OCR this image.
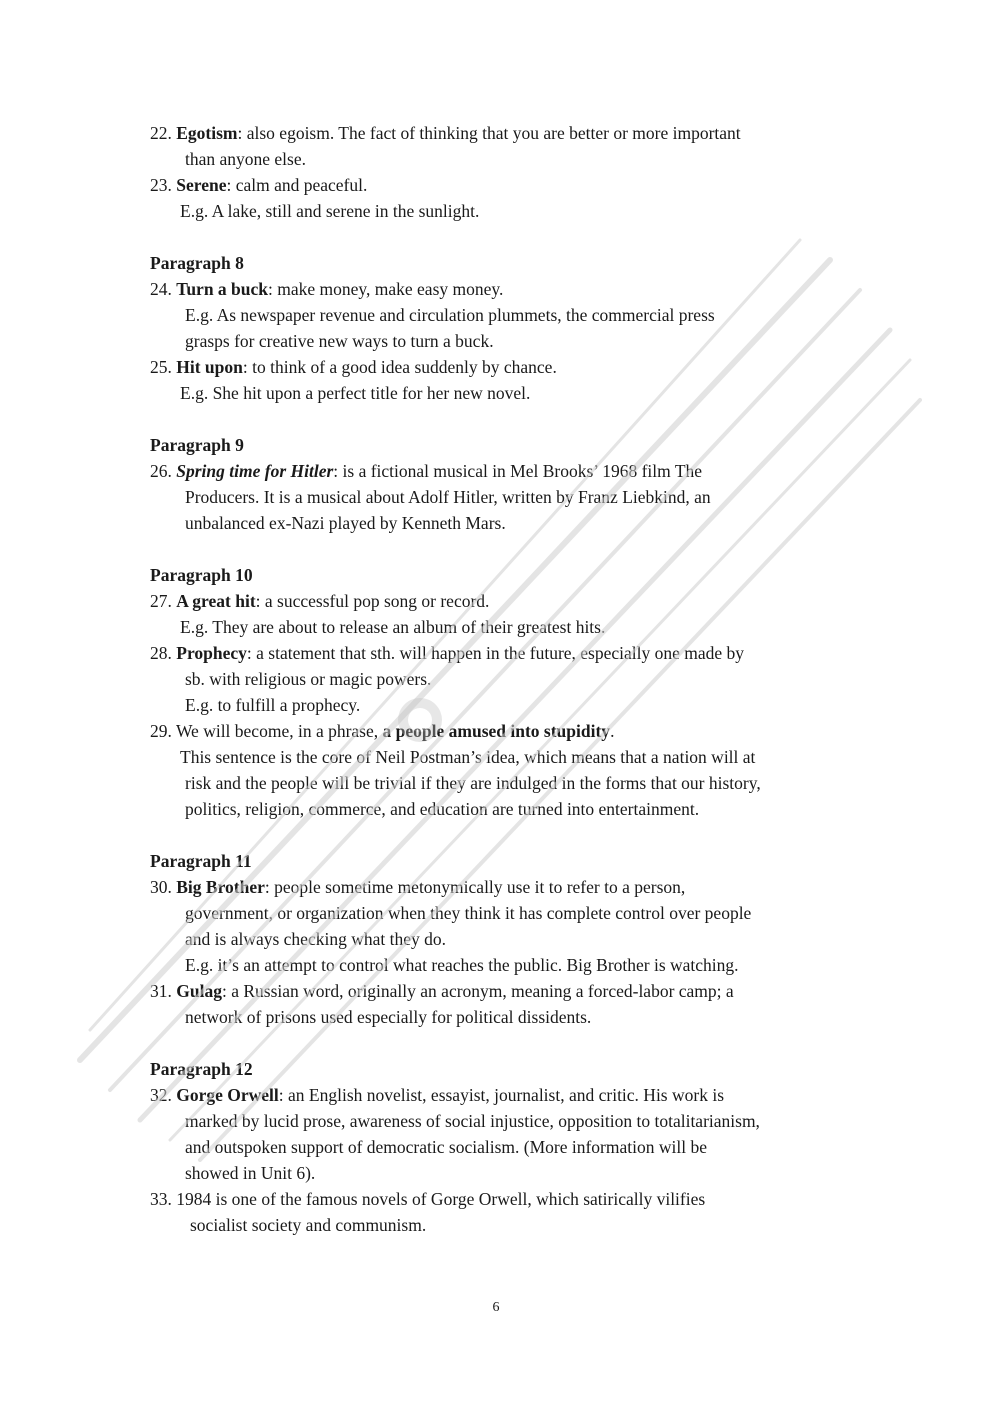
22. Egotism: also egoism. The fact of thinking that you are better or more important
than anyone else.
23. Serene: calm and peaceful.
E.g. A lake, still and serene in the sunlight.
Paragraph 8
24. Turn a buck: make money, make easy money.
E.g. As newspaper revenue and circulation plummets, the commercial press
grasps for creative new ways to turn a buck.
25. Hit upon: to think of a good idea suddenly by chance.
E.g. She hit upon a perfect title for her new novel.
Paragraph 9
26. Spring time for Hitler: is a fictional musical in Mel Brooks’ 1968 film The
Producers. It is a musical about Adolf Hitler, written by Franz Liebkind, an
unbalanced ex-Nazi played by Kenneth Mars.
Paragraph 10
27. A great hit: a successful pop song or record.
E.g. They are about to release an album of their greatest hits.
28. Prophecy: a statement that sth. will happen in the future, especially one made by
sb. with religious or magic powers.
E.g. to fulfill a prophecy.
29. We will become, in a phrase, a people amused into stupidity.
This sentence is the core of Neil Postman’s idea, which means that a nation will at
risk and the people will be trivial if they are indulged in the forms that our history,
politics, religion, commerce, and education are turned into entertainment.
Paragraph 11
30. Big Brother: people sometime metonymically use it to refer to a person,
government, or organization when they think it has complete control over people
and is always checking what they do.
E.g. it’s an attempt to control what reaches the public. Big Brother is watching.
31. Gulag: a Russian word, originally an acronym, meaning a forced-labor camp; a
network of prisons used especially for political dissidents.
Paragraph 12
32. Gorge Orwell: an English novelist, essayist, journalist, and critic. His work is
marked by lucid prose, awareness of social injustice, opposition to totalitarianism,
and outspoken support of democratic socialism. (More information will be
showed in Unit 6).
33. 1984 is one of the famous novels of Gorge Orwell, which satirically vilifies
socialist society and communism.
6
